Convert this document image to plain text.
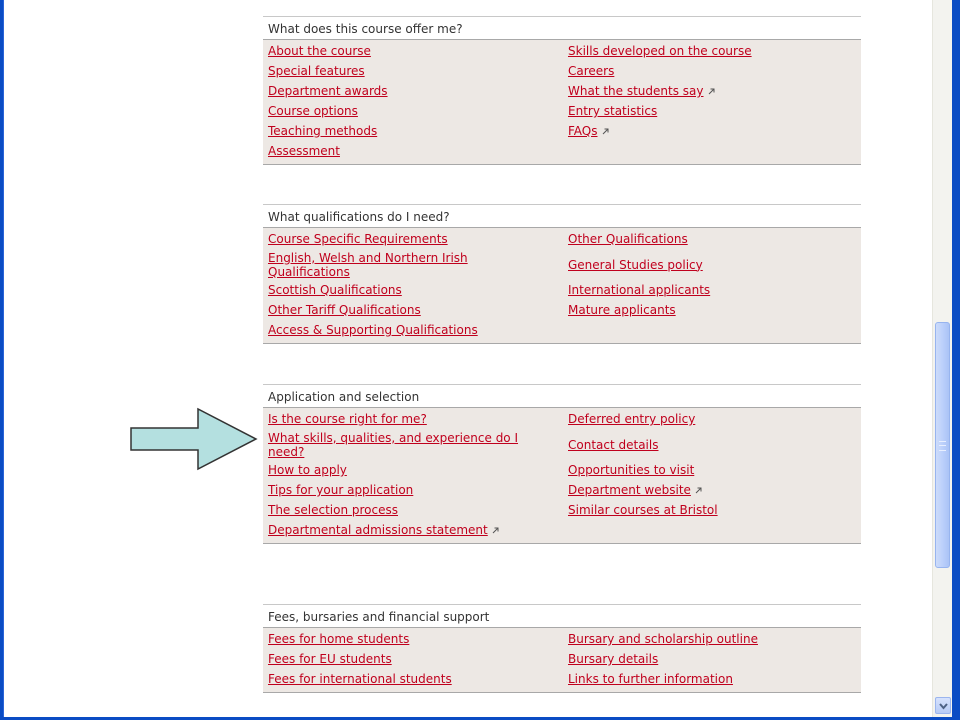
What does this course offer me?
About the course	Skills developed on the course
Special features	Careers
Department awards	What the students say
Course options	Entry statistics
Teaching methods	FAQs
Assessment
What qualifications do I need?
Course Specific Requirements	Other Qualifications
English, Welsh and Northern Irish Qualifications	General Studies policy
Scottish Qualifications	International applicants
Other Tariff Qualifications	Mature applicants
Access & Supporting Qualifications
Application and selection
Is the course right for me?	Deferred entry policy
What skills, qualities, and experience do I need?	Contact details
How to apply	Opportunities to visit
Tips for your application	Department website
The selection process	Similar courses at Bristol
Departmental admissions statement
Fees, bursaries and financial support
Fees for home students	Bursary and scholarship outline
Fees for EU students	Bursary details
Fees for international students	Links to further information
